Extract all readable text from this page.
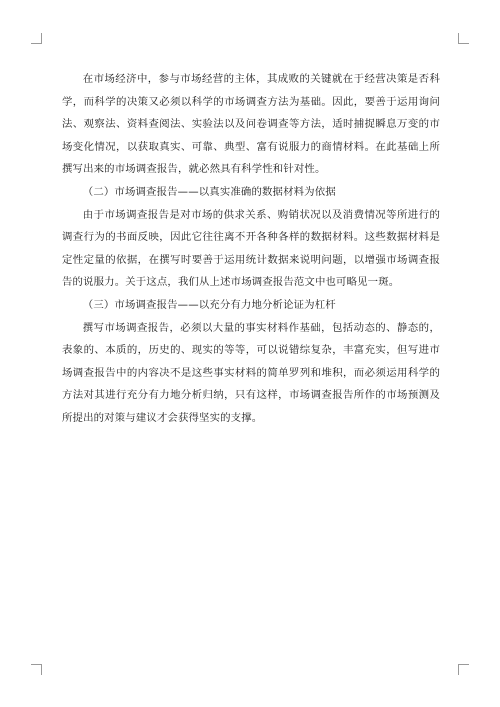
在市场经济中，参与市场经营的主体，其成败的关键就在于经营决策是否科学，而科学的决策又必须以科学的市场调查方法为基础。因此，要善于运用询问法、观察法、资料查阅法、实验法以及问卷调查等方法，适时捕捉瞬息万变的市场变化情况，以获取真实、可靠、典型、富有说服力的商情材料。在此基础上所撰写出来的市场调查报告，就必然具有科学性和针对性。

（二）市场调查报告——以真实准确的数据材料为依据

由于市场调查报告是对市场的供求关系、购销状况以及消费情况等所进行的调查行为的书面反映，因此它往往离不开各种各样的数据材料。这些数据材料是定性定量的依据，在撰写时要善于运用统计数据来说明问题，以增强市场调查报告的说服力。关于这点，我们从上述市场调查报告范文中也可略见一斑。

（三）市场调查报告——以充分有力地分析论证为杠杆

撰写市场调查报告，必须以大量的事实材料作基础，包括动态的、静态的，表象的、本质的，历史的、现实的等等，可以说错综复杂，丰富充实，但写进市场调查报告中的内容决不是这些事实材料的简单罗列和堆积，而必须运用科学的方法对其进行充分有力地分析归纳，只有这样，市场调查报告所作的市场预测及所提出的对策与建议才会获得坚实的支撑。
